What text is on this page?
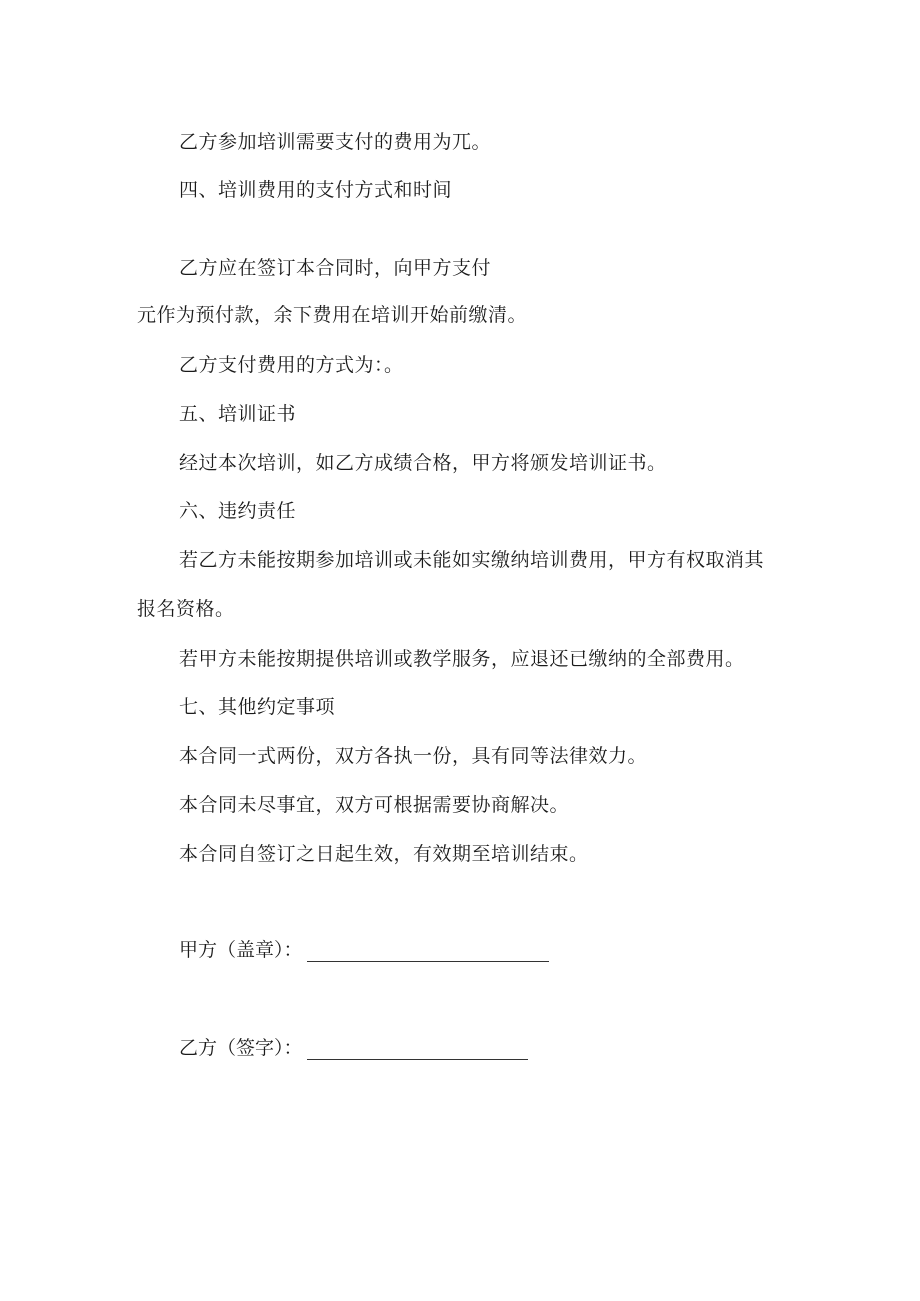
乙方参加培训需要支付的费用为兀。
四、培训费用的支付方式和时间
乙方应在签订本合同时，向甲方支付
元作为预付款，余下费用在培训开始前缴清。
乙方支付费用的方式为：。
五、培训证书
经过本次培训，如乙方成绩合格，甲方将颁发培训证书。
六、违约责任
若乙方未能按期参加培训或未能如实缴纳培训费用，甲方有权取消其
报名资格。
若甲方未能按期提供培训或教学服务，应退还已缴纳的全部费用。
七、其他约定事项
本合同一式两份，双方各执一份，具有同等法律效力。
本合同未尽事宜，双方可根据需要协商解决。
本合同自签订之日起生效，有效期至培训结束。
甲方（盖章）：
乙方（签字）：
